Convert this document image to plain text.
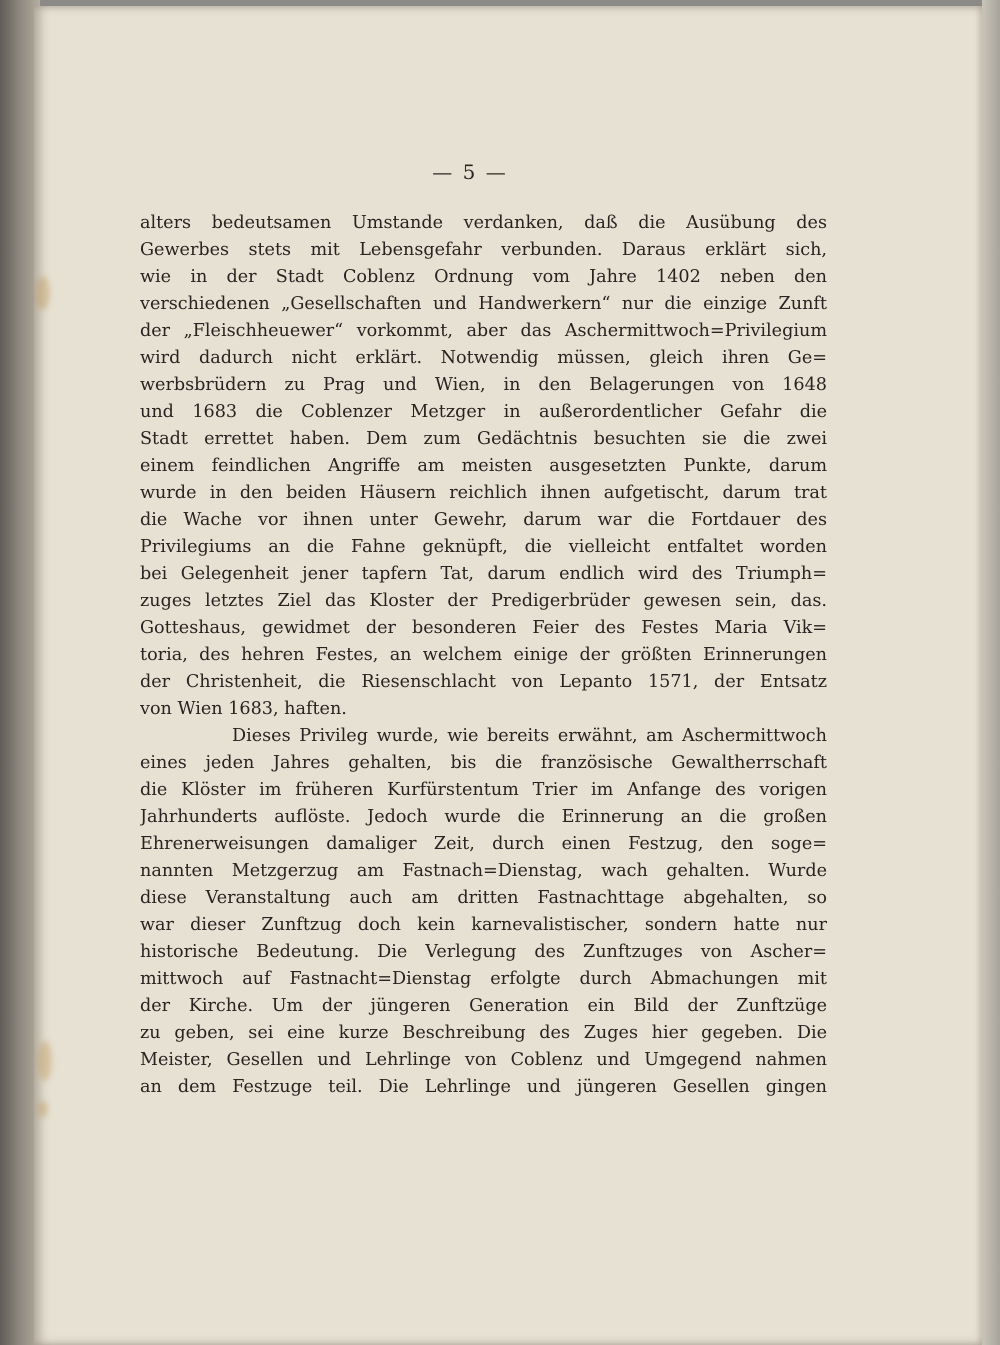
— 5 —
alters bedeutsamen Umstande verdanken, daß die Ausübung des
Gewerbes stets mit Lebensgefahr verbunden. Daraus erklärt sich,
wie in der Stadt Coblenz Ordnung vom Jahre 1402 neben den
verschiedenen „Gesellschaften und Handwerkern“ nur die einzige Zunft
der „Fleischheuewer“ vorkommt, aber das Aschermittwoch=Privilegium
wird dadurch nicht erklärt. Notwendig müssen, gleich ihren Ge=
werbsbrüdern zu Prag und Wien, in den Belagerungen von 1648
und 1683 die Coblenzer Metzger in außerordentlicher Gefahr die
Stadt errettet haben. Dem zum Gedächtnis besuchten sie die zwei
einem feindlichen Angriffe am meisten ausgesetzten Punkte, darum
wurde in den beiden Häusern reichlich ihnen aufgetischt, darum trat
die Wache vor ihnen unter Gewehr, darum war die Fortdauer des
Privilegiums an die Fahne geknüpft, die vielleicht entfaltet worden
bei Gelegenheit jener tapfern Tat, darum endlich wird des Triumph=
zuges letztes Ziel das Kloster der Predigerbrüder gewesen sein, das.
Gotteshaus, gewidmet der besonderen Feier des Festes Maria Vik=
toria, des hehren Festes, an welchem einige der größten Erinnerungen
der Christenheit, die Riesenschlacht von Lepanto 1571, der Entsatz
von Wien 1683, haften.
Dieses Privileg wurde, wie bereits erwähnt, am Aschermittwoch
eines jeden Jahres gehalten, bis die französische Gewaltherrschaft
die Klöster im früheren Kurfürstentum Trier im Anfange des vorigen
Jahrhunderts auflöste. Jedoch wurde die Erinnerung an die großen
Ehrenerweisungen damaliger Zeit, durch einen Festzug, den soge=
nannten Metzgerzug am Fastnach=Dienstag, wach gehalten. Wurde
diese Veranstaltung auch am dritten Fastnachttage abgehalten, so
war dieser Zunftzug doch kein karnevalistischer, sondern hatte nur
historische Bedeutung. Die Verlegung des Zunftzuges von Ascher=
mittwoch auf Fastnacht=Dienstag erfolgte durch Abmachungen mit
der Kirche. Um der jüngeren Generation ein Bild der Zunftzüge
zu geben, sei eine kurze Beschreibung des Zuges hier gegeben. Die
Meister, Gesellen und Lehrlinge von Coblenz und Umgegend nahmen
an dem Festzuge teil. Die Lehrlinge und jüngeren Gesellen gingen
